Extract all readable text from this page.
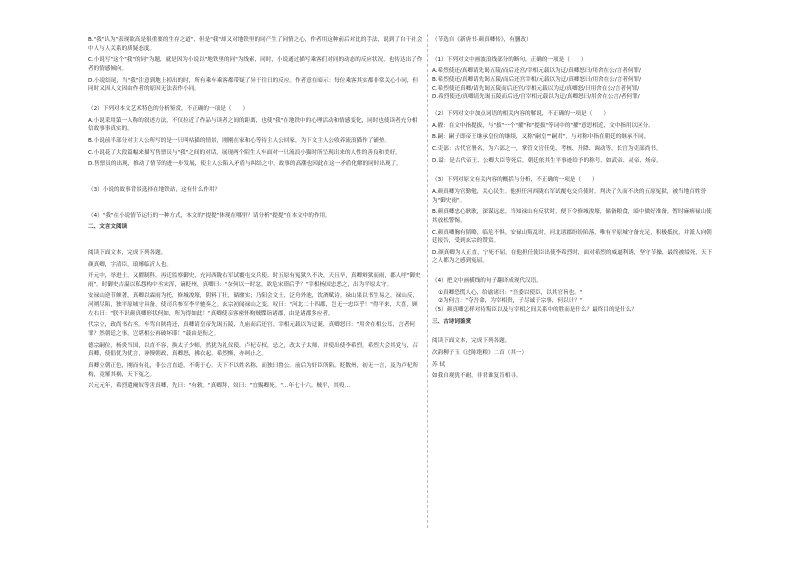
B."我"认为"表现欲高是很重要的生存之道"，但是"我"却又对地铁里的同产生了同情之心，作者用这种前后对比的手法，说到了自干社会中人与人关系的质疑态度。

C.小说写"这个"我"的同"为题，就是因为小说以"地铁里的同"为线索，同时，小说通过描写乘客们对同的动态的反应状况，也传达出了作者的情感倾向。

D.小说结尾，当"我"注意到地上掉出的时，所有乘车乘客都带疑了异于往日的反应。作者意在暗示：每位乘客其实都非常关心小同，但同时又因人文因由作者的原因无法表作小同。

（2）下列对本文艺术特色的分析鉴赏，不正确的一项是（　　）

A.小说采用第一人称的叙述方法，不仅拉近了作品与读者之间的距离，也使"我"在地铁中的心理活动和情感变化，同时也使读者充分相信故事事真实的。

B.小说前半部分对主人公所写的是一只叫咕猫的情景，刚刚在家和心等待主人公回家，为下文主人公收养流浪猫作了铺垫。

C.小说花了大段篇幅来描写售票员与"我"之间的对话，展现两个陌生人车面对一只流浪小猫时所呈现出来的人性的善良和美好。

D.售票员的出现，推动了情节的进一步发展，使主人公陷入矛盾与纠结之中，故事的高潮也因此在这一矛盾化解的同时出现了。

（3）小说的故事背景选择在地铁站，这有什么作用？

（4）"我"在小说情节运行的一种方式，本文的"提提"体现在哪里？请分析"提提"在本文中的作用。

二、文言文阅读

阅读下面文本，完成下列各题。

颜真卿，字清臣，琅琊临沂人也。

开元中，举进士，又擢制科。再迁监察御史，充河西陇右军试覆屯交兵使。时五原有冤狱久不决，天且旱，真卿辩狱而雨，郡人呼"御史雨"。时御史吉温以私怨构中丞宋浑，谪贬州，真卿曰："奈何以一时忿，欲危宋璟后乎？"宰相杨国忠恶之，出为平原太守。

安禄山逆节颇著，真卿以霖雨为托，修城浚壕，阴料丁壮，储廪实；乃阳会文士，泛舟外池，饮酒赋诗。禄山果以书生易之。禄山反，河朔尽陷，独平原城守具备，使司兵参军李平驰奏之。玄宗初闻禄山之变，叹曰："河北二十四郡，岂无一忠臣乎！"得平来，大喜，顾左右曰："朕不识颜真卿形状何如，所为得如此！"真卿使亲客密怀购贼牒诣诸郡，由是诸郡多应者。

代宗立，政尚书右丞。车驾自陕将还，真卿请皇帝先谒五陵、九庙而后还宫。宰相元载以为迂诞，真卿怒曰："用舍在相公耳，言者何罪？然朝廷之事，岂堪相公再破坏耶！"载由是衔之。

德宗嗣位，杨炎当国，以直不容，换太子少师，然犹为礼仪使。卢杞专权，忌之，改太子太师，并使出使李希烈。希烈大会其党与，召真卿，使倡优为优言，诬慢朝政，真卿怒，拂衣起。希烈惭，亦呵止之。

真卿立朝正色，刚而有礼，非公言直道，不萌于心。天下不以姓名称，而独曰鲁公。前后为奸臣所陷，贬数州，初无一言，及为卢杞所构，竟罹其祸，天下冤之。

兴元元年，希烈遣阉奴等害真卿，先曰："有敕。"真卿拜，奴曰："宜赐卿死。"…年七十六。贼平，其殁…

（节选自《新唐书·颜真卿传》，有删改）

（1）下列对文中画波浪线部分的断句，正确的一项是（　　）

A.希烈使还/真卿请先谒五陵/而后还宫/宰相元载以为迂/真卿怒曰/用舍在公/言者何罪/

B.希烈使还/真卿请先谒五陵/而后还宫宰相/元载以为迂/真卿怒曰/用舍在公/言者何罪/

C.希烈使还真卿/请先谒五陵而后还宫/宰相元载以为迂/真卿怒/曰用舍在公/言者何罪/

D.希烈使还/真卿请先谒五陵而后还/宫宰相元载以为迂/真卿怒曰/用舍在公言/者何罪/

（2）下列对文中加点词语的相关内容的解说，不正确的一项是（　　）

A.擢：在文中指提拔，与"拔"一个"擢"和"提拔"等词中的"擢"意思相近，文中指用以区分。

B.嗣：嗣子即帝王继承皇位的继续，又称"嗣皇""嗣君"，与对称中指在朝廷的继承不同。

C.吏部：古代官署名，为六部之一，掌管文官任免、考核、升降、调动等，长官为吏部尚书。

D.谥：是古代帝王、公卿大臣等死后，朝廷依其生平事迹给予的称号，如武帝、灵帝、炀帝。

（3）下列对原文有关内容的概括与分析，不正确的一项是（　　）

A.颜真卿为官勤勉，关心民生。他担任河西陇右军试覆屯交兵使时，判决了久而不决的五原冤狱，被当地百姓誉为"御史雨"。

B.颜真卿忠心耿耿，深谋远虑。当知禄山有反状时，便下令修城浚壕，储备粮食，暗中做好准备，暂时麻痹禄山使其放松警惕。

C.颜真卿胸有韬略，临危不惧。安禄山叛乱时，河北诸郡纷纷陷落，唯有平原城守备充足，积极抵抗，并派人向朝廷报告，受到玄宗的赞赏。

D.颜真卿为人正直，宁死不屈。在他担任使臣出使李希烈时，面对希烈的威逼利诱，坚守节操，最终被缢死，天下之人都为之感到冤屈。

（4）把文中画横线的句子翻译成现代汉语。

①真卿恐慌人心，给谕诸曰："吾委以使臣，以其官旨也。"

②为何言："夺吾命，为宰相贵，子尽诚于宗事，何以计？"

（5）颜真卿怎样对待叛臣以及与宰相之间关系中的胜而是什么？最终目的是什么？

三、古诗词鉴赏

阅读下面文本，完成下列各题。

次韵柳子玉《过陈绝粮》二首（其一）

苏 轼

如我自观犹不耐，非君谁复肯相寻。
